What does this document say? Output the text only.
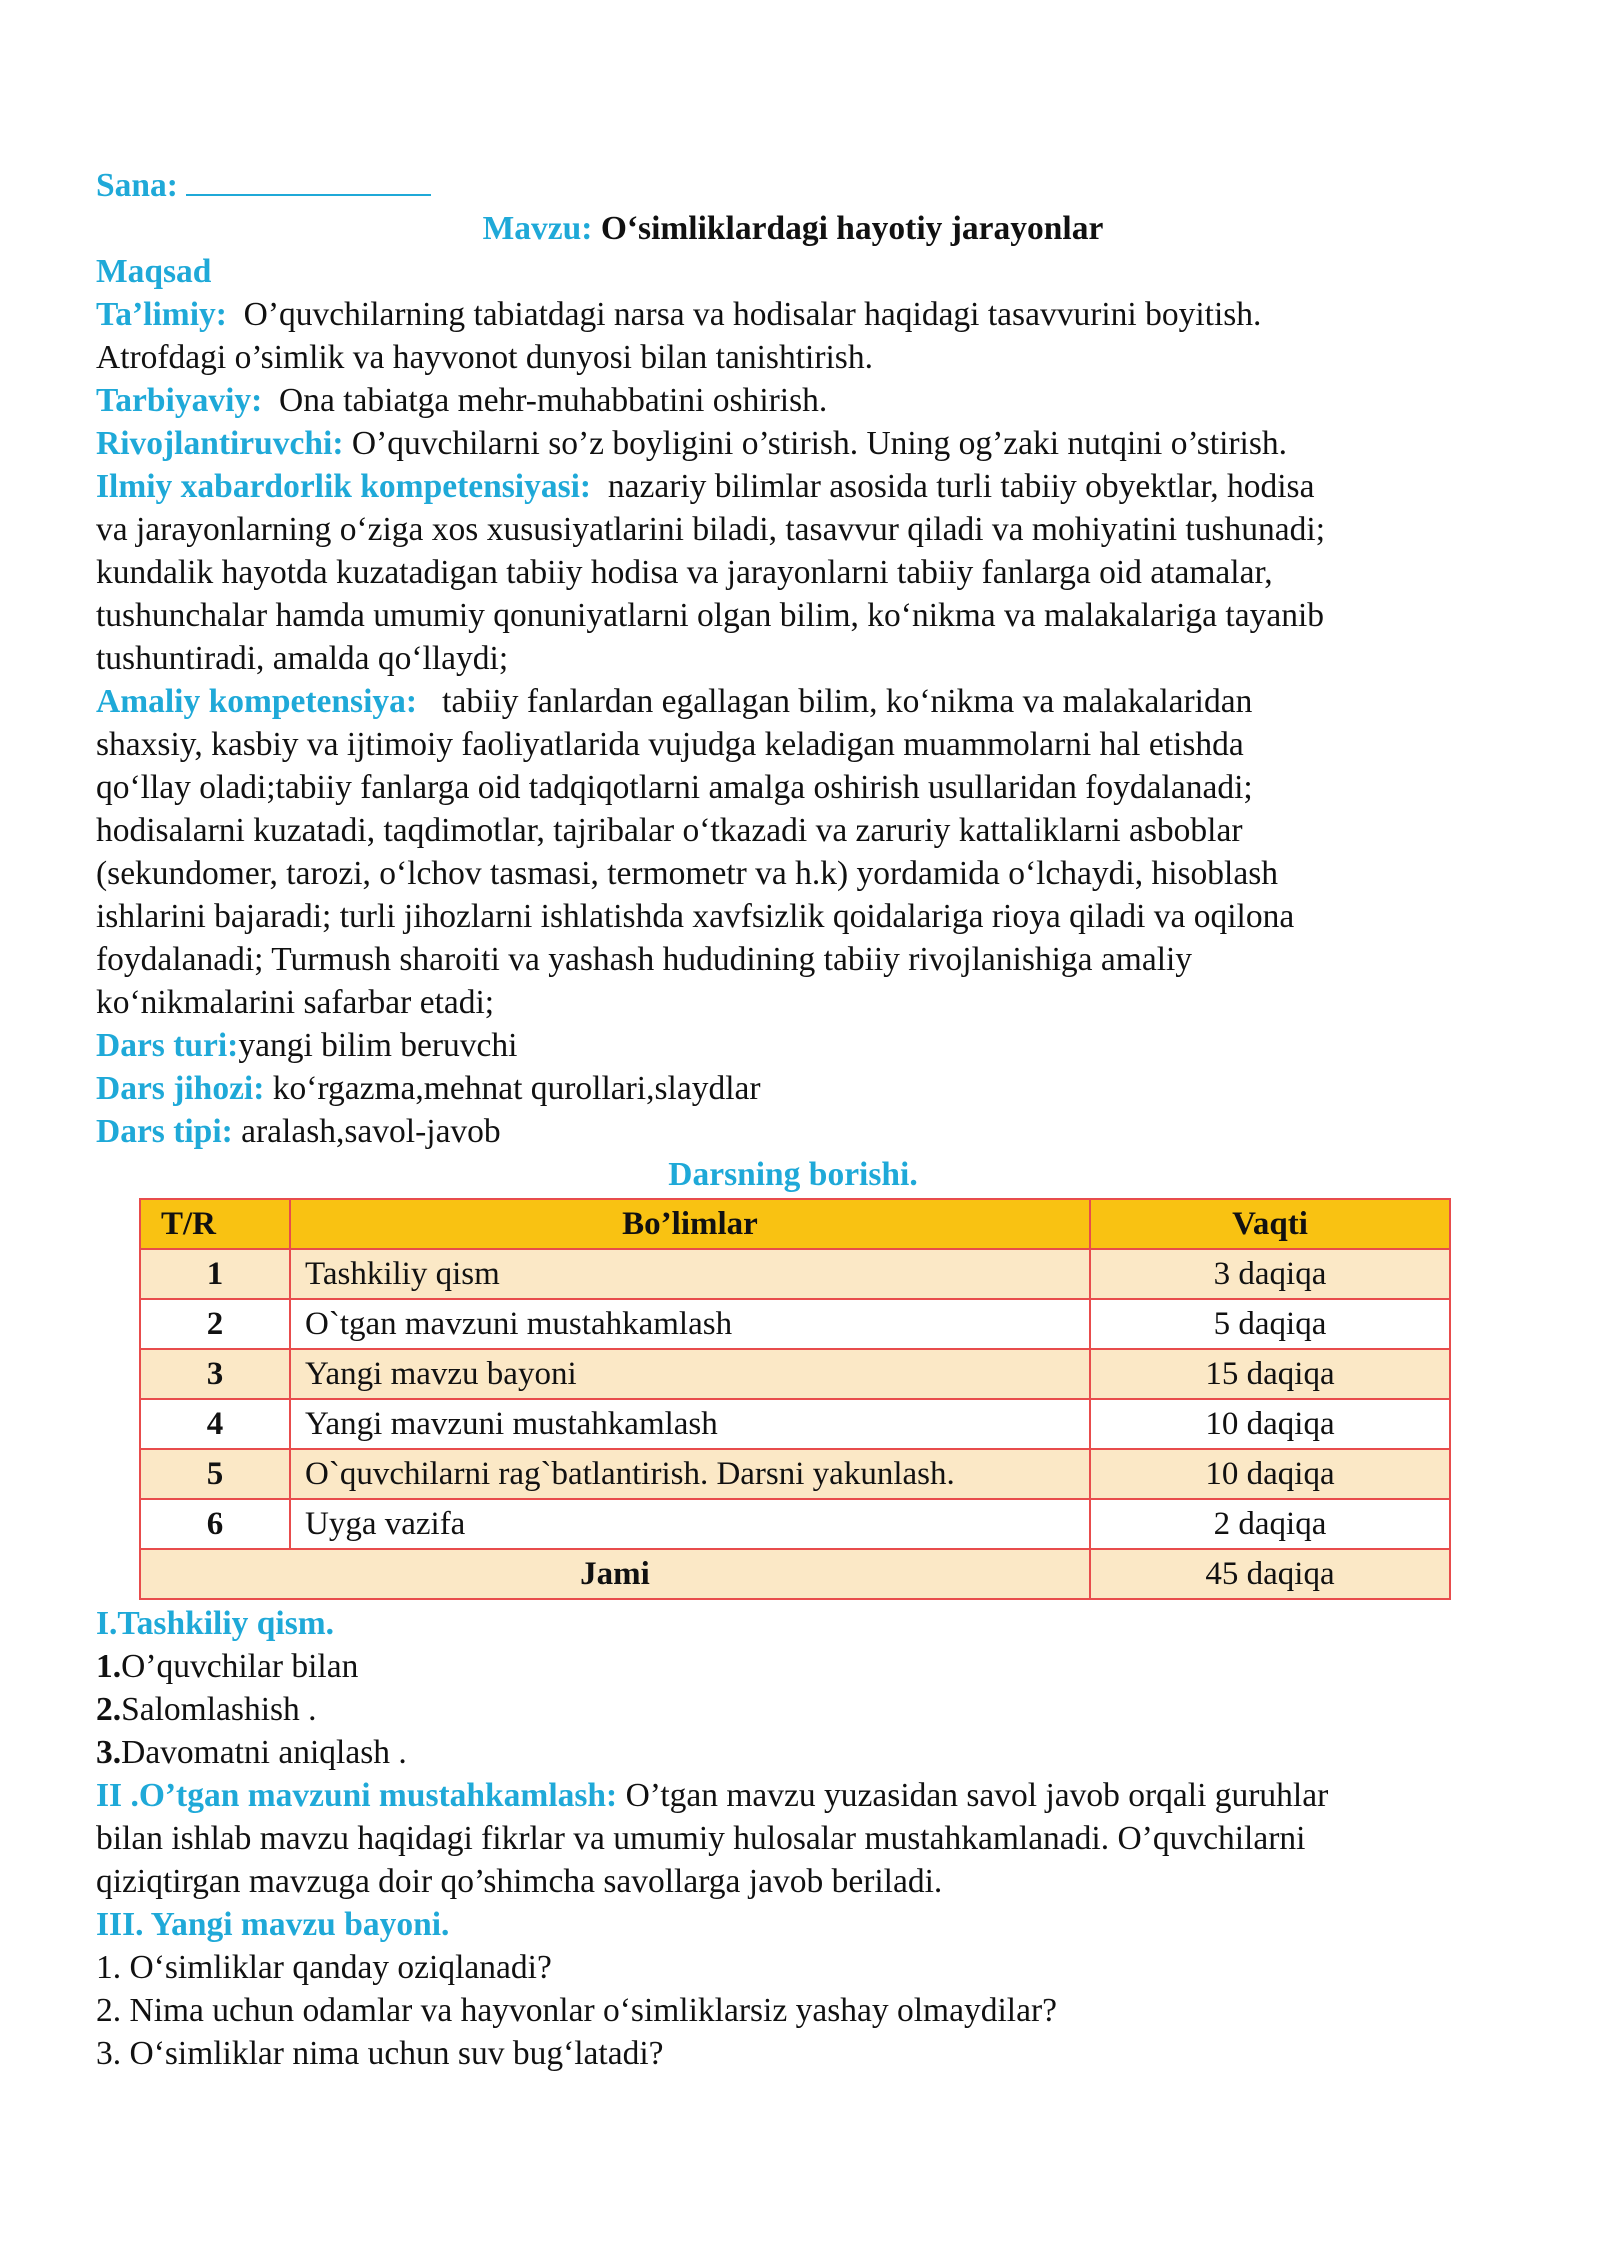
Sana:
Mavzu: O‘simliklardagi hayotiy jarayonlar
Maqsad
Ta’limiy: O’quvchilarning tabiatdagi narsa va hodisalar haqidagi tasavvurini boyitish.
Atrofdagi o’simlik va hayvonot dunyosi bilan tanishtirish.
Tarbiyaviy: Ona tabiatga mehr-muhabbatini oshirish.
Rivojlantiruvchi: O’quvchilarni so’z boyligini o’stirish. Uning og’zaki nutqini o’stirish.
Ilmiy xabardorlik kompetensiyasi: nazariy bilimlar asosida turli tabiiy obyektlar, hodisa
va jarayonlarning o‘ziga xos xususiyatlarini biladi, tasavvur qiladi va mohiyatini tushunadi;
kundalik hayotda kuzatadigan tabiiy hodisa va jarayonlarni tabiiy fanlarga oid atamalar,
tushunchalar hamda umumiy qonuniyatlarni olgan bilim, ko‘nikma va malakalariga tayanib
tushuntiradi, amalda qo‘llaydi;
Amaliy kompetensiya: tabiiy fanlardan egallagan bilim, ko‘nikma va malakalaridan
shaxsiy, kasbiy va ijtimoiy faoliyatlarida vujudga keladigan muammolarni hal etishda
qo‘llay oladi;tabiiy fanlarga oid tadqiqotlarni amalga oshirish usullaridan foydalanadi;
hodisalarni kuzatadi, taqdimotlar, tajribalar o‘tkazadi va zaruriy kattaliklarni asboblar
(sekundomer, tarozi, o‘lchov tasmasi, termometr va h.k) yordamida o‘lchaydi, hisoblash
ishlarini bajaradi; turli jihozlarni ishlatishda xavfsizlik qoidalariga rioya qiladi va oqilona
foydalanadi; Turmush sharoiti va yashash hududining tabiiy rivojlanishiga amaliy
ko‘nikmalarini safarbar etadi;
Dars turi:yangi bilim beruvchi
Dars jihozi: ko‘rgazma,mehnat qurollari,slaydlar
Dars tipi: aralash,savol-javob
Darsning borishi.
T/R	Bo’limlar	Vaqti
1	Tashkiliy qism	3 daqiqa
2	O`tgan mavzuni mustahkamlash	5 daqiqa
3	Yangi mavzu bayoni	15 daqiqa
4	Yangi mavzuni mustahkamlash	10 daqiqa
5	O`quvchilarni rag`batlantirish. Darsni yakunlash.	10 daqiqa
6	Uyga vazifa	2 daqiqa
Jami		45 daqiqa
I.Tashkiliy qism.
1.O’quvchilar bilan
2.Salomlashish .
3.Davomatni aniqlash .
II .O’tgan mavzuni mustahkamlash: O’tgan mavzu yuzasidan savol javob orqali guruhlar
bilan ishlab mavzu haqidagi fikrlar va umumiy hulosalar mustahkamlanadi. O’quvchilarni
qiziqtirgan mavzuga doir qo’shimcha savollarga javob beriladi.
III. Yangi mavzu bayoni.
1. O‘simliklar qanday oziqlanadi?
2. Nima uchun odamlar va hayvonlar o‘simliklarsiz yashay olmaydilar?
3. O‘simliklar nima uchun suv bug‘latadi?
